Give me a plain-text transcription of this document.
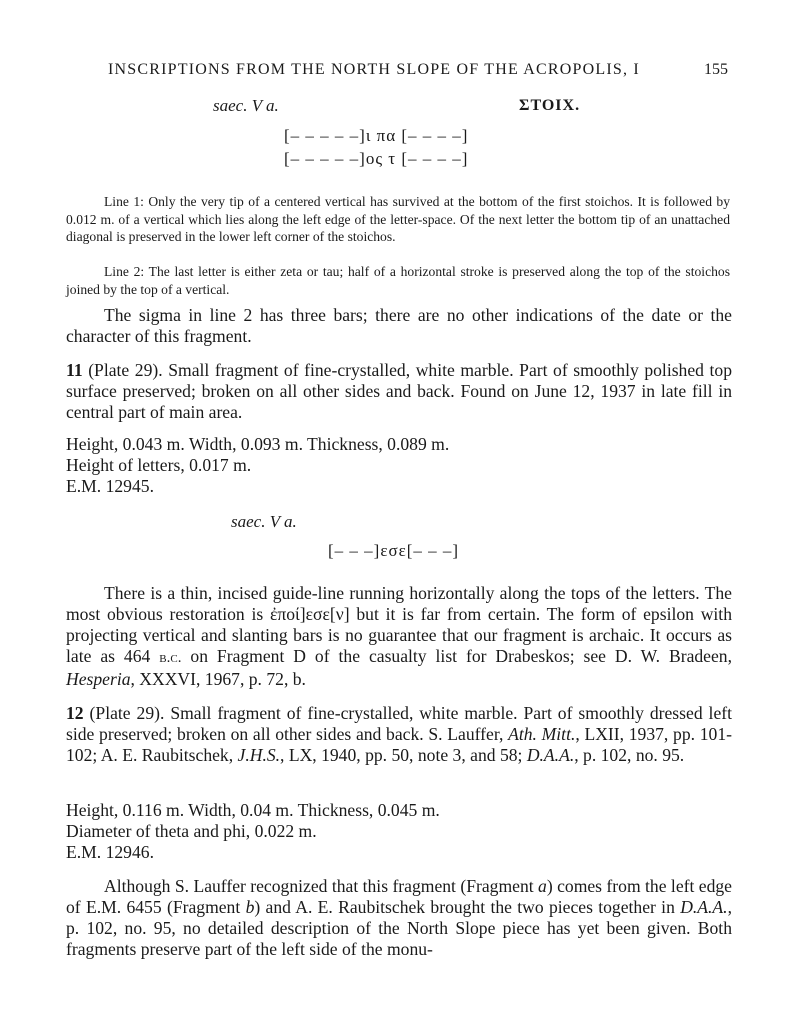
INSCRIPTIONS FROM THE NORTH SLOPE OF THE ACROPOLIS, I	155
saec. V a.	ΣΤΟΙΧ.
[– – – – –]ι πα [– – – –]
[– – – – –]ος τ [– – – –]

Line 1: Only the very tip of a centered vertical has survived at the bottom of the first stoichos. It is followed by 0.012 m. of a vertical which lies along the left edge of the letter-space. Of the next letter the bottom tip of an unattached diagonal is preserved in the lower left corner of the stoichos.

Line 2: The last letter is either zeta or tau; half of a horizontal stroke is preserved along the top of the stoichos joined by the top of a vertical.

The sigma in line 2 has three bars; there are no other indications of the date or the character of this fragment.

11 (Plate 29). Small fragment of fine-crystalled, white marble. Part of smoothly polished top surface preserved; broken on all other sides and back. Found on June 12, 1937 in late fill in central part of main area.

Height, 0.043 m. Width, 0.093 m. Thickness, 0.089 m.
Height of letters, 0.017 m.
E.M. 12945.
saec. V a.
[– – –]εσε[– – –]

There is a thin, incised guide-line running horizontally along the tops of the letters. The most obvious restoration is ἐποί]εσε[ν] but it is far from certain. The form of epsilon with projecting vertical and slanting bars is no guarantee that our fragment is archaic. It occurs as late as 464 b.c. on Fragment D of the casualty list for Drabeskos; see D. W. Bradeen, Hesperia, XXXVI, 1967, p. 72, b.

12 (Plate 29). Small fragment of fine-crystalled, white marble. Part of smoothly dressed left side preserved; broken on all other sides and back. S. Lauffer, Ath. Mitt., LXII, 1937, pp. 101-102; A. E. Raubitschek, J.H.S., LX, 1940, pp. 50, note 3, and 58; D.A.A., p. 102, no. 95.

Height, 0.116 m. Width, 0.04 m. Thickness, 0.045 m.
Diameter of theta and phi, 0.022 m.
E.M. 12946.

Although S. Lauffer recognized that this fragment (Fragment a) comes from the left edge of E.M. 6455 (Fragment b) and A. E. Raubitschek brought the two pieces together in D.A.A., p. 102, no. 95, no detailed description of the North Slope piece has yet been given. Both fragments preserve part of the left side of the monu-
